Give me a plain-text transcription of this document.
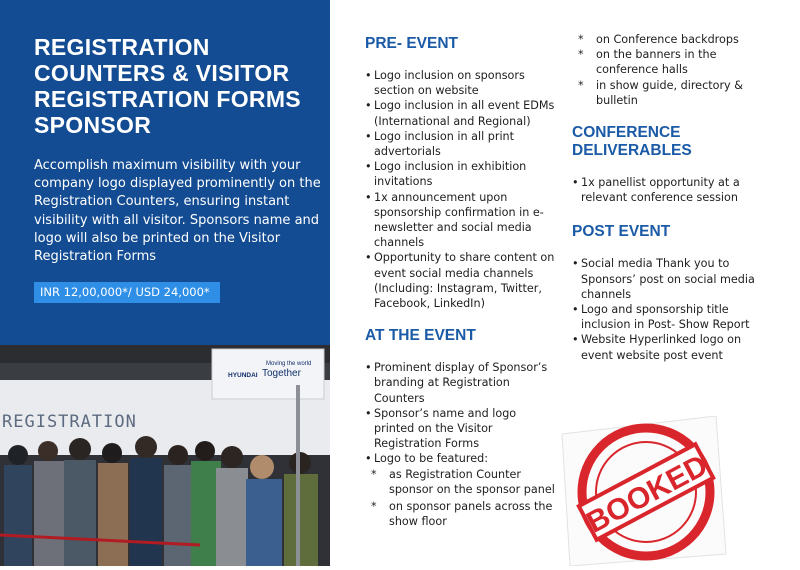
REGISTRATION COUNTERS & VISITOR REGISTRATION FORMS SPONSOR

Accomplish maximum visibility with your company logo displayed prominently on the Registration Counters, ensuring instant visibility with all visitor. Sponsors name and logo will also be printed on the Visitor Registration Forms

INR 12,00,000*/ USD 24,000*
HYUNDAI
Moving the world
Together
REGISTRATION
PRE- EVENT
• Logo inclusion on sponsors section on website
• Logo inclusion in all event EDMs (International and Regional)
• Logo inclusion in all print advertorials
• Logo inclusion in exhibition invitations
• 1x announcement upon sponsorship confirmation in e-newsletter and social media channels
• Opportunity to share content on event social media channels (Including: Instagram, Twitter, Facebook, LinkedIn)
AT THE EVENT
• Prominent display of Sponsor’s branding at Registration Counters
• Sponsor’s name and logo printed on the Visitor Registration Forms
• Logo to be featured:
* as Registration Counter sponsor on the sponsor panel
* on sponsor panels across the show floor
* on Conference backdrops
* on the banners in the conference halls
* in show guide, directory & bulletin
CONFERENCE DELIVERABLES
• 1x panellist opportunity at a relevant conference session
POST EVENT
• Social media Thank you to Sponsors’ post on social media channels
• Logo and sponsorship title inclusion in Post- Show Report
• Website Hyperlinked logo on event website post event
BOOKED
